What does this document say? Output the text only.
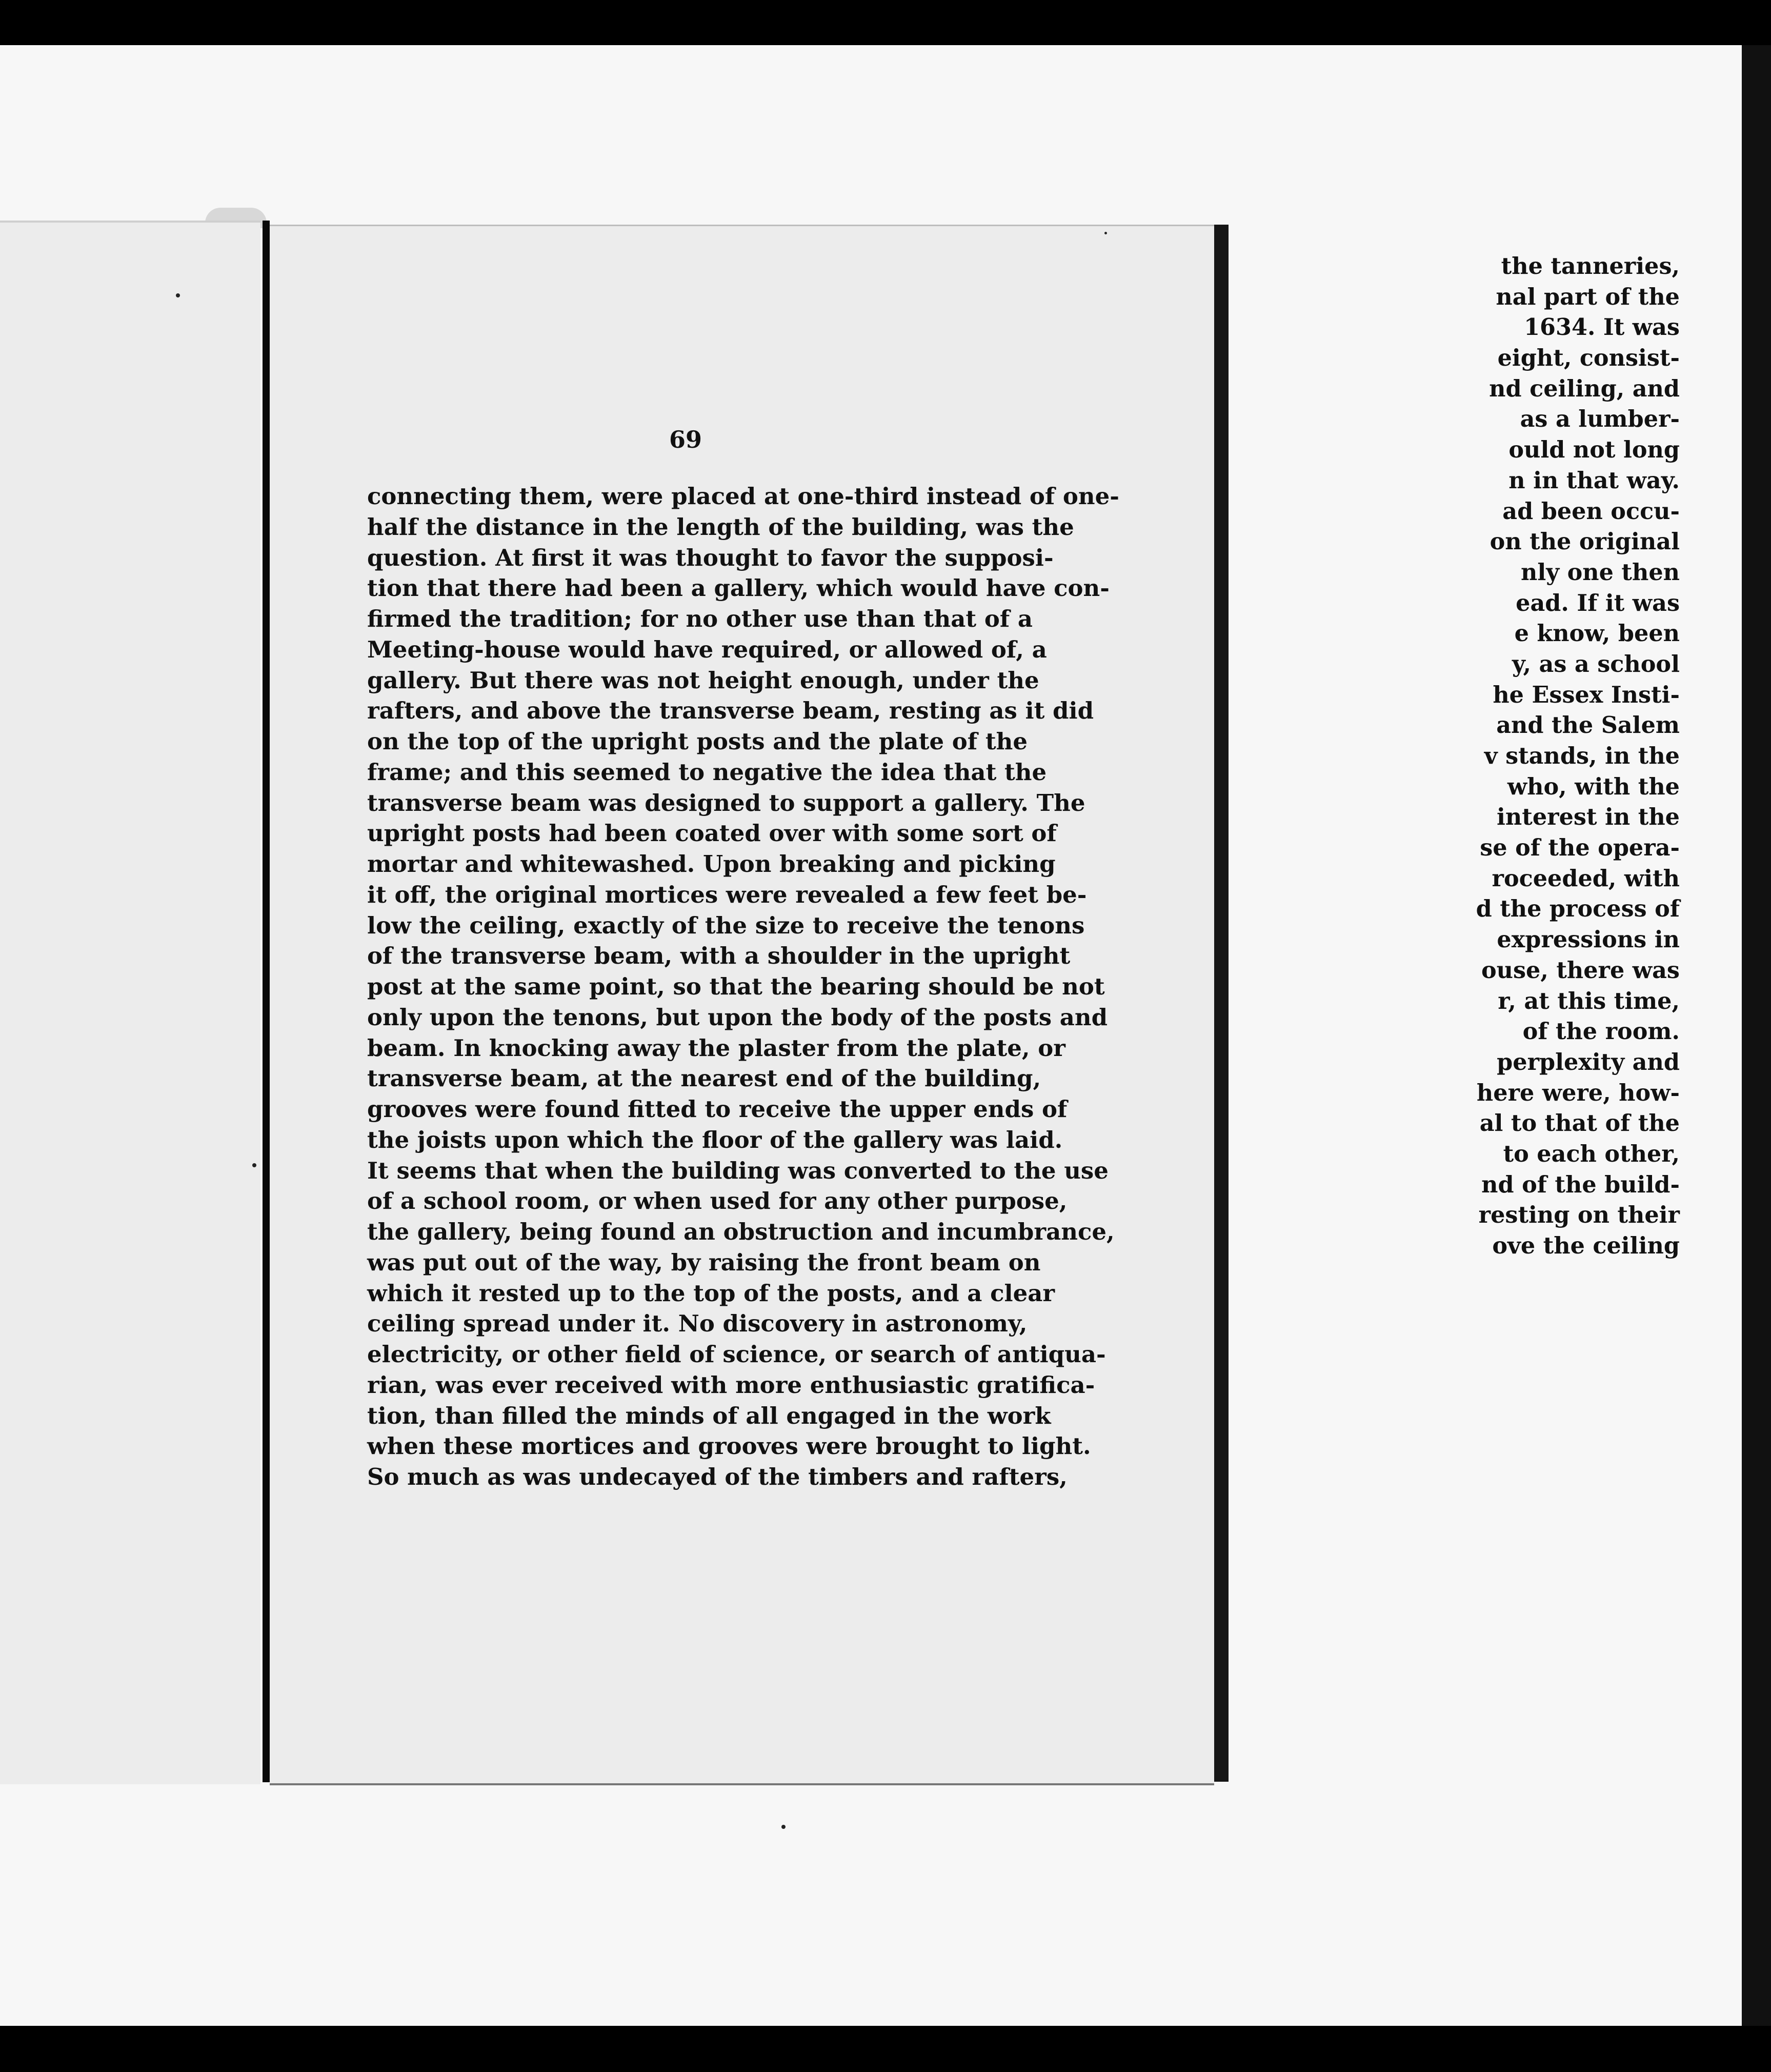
the tanneries,
nal part of the
1634. It was
eight, consist-
nd ceiling, and
as a lumber-
ould not long
n in that way.
ad been occu-
on the original
nly one then
ead. If it was
e know, been
y, as a school
he Essex Insti-
and the Salem
v stands, in the
who, with the
interest in the
se of the opera-
roceeded, with
d the process of
expressions in
ouse, there was
r, at this time,
of the room.
perplexity and
here were, how-
al to that of the
to each other,
nd of the build-
resting on their
ove the ceiling
69
connecting them, were placed at one-third instead of one-
half the distance in the length of the building, was the
question. At first it was thought to favor the supposi-
tion that there had been a gallery, which would have con-
firmed the tradition; for no other use than that of a
Meeting-house would have required, or allowed of, a
gallery. But there was not height enough, under the
rafters, and above the transverse beam, resting as it did
on the top of the upright posts and the plate of the
frame; and this seemed to negative the idea that the
transverse beam was designed to support a gallery. The
upright posts had been coated over with some sort of
mortar and whitewashed. Upon breaking and picking
it off, the original mortices were revealed a few feet be-
low the ceiling, exactly of the size to receive the tenons
of the transverse beam, with a shoulder in the upright
post at the same point, so that the bearing should be not
only upon the tenons, but upon the body of the posts and
beam. In knocking away the plaster from the plate, or
transverse beam, at the nearest end of the building,
grooves were found fitted to receive the upper ends of
the joists upon which the floor of the gallery was laid.
It seems that when the building was converted to the use
of a school room, or when used for any other purpose,
the gallery, being found an obstruction and incumbrance,
was put out of the way, by raising the front beam on
which it rested up to the top of the posts, and a clear
ceiling spread under it. No discovery in astronomy,
electricity, or other field of science, or search of antiqua-
rian, was ever received with more enthusiastic gratifica-
tion, than filled the minds of all engaged in the work
when these mortices and grooves were brought to light.
So much as was undecayed of the timbers and rafters,
